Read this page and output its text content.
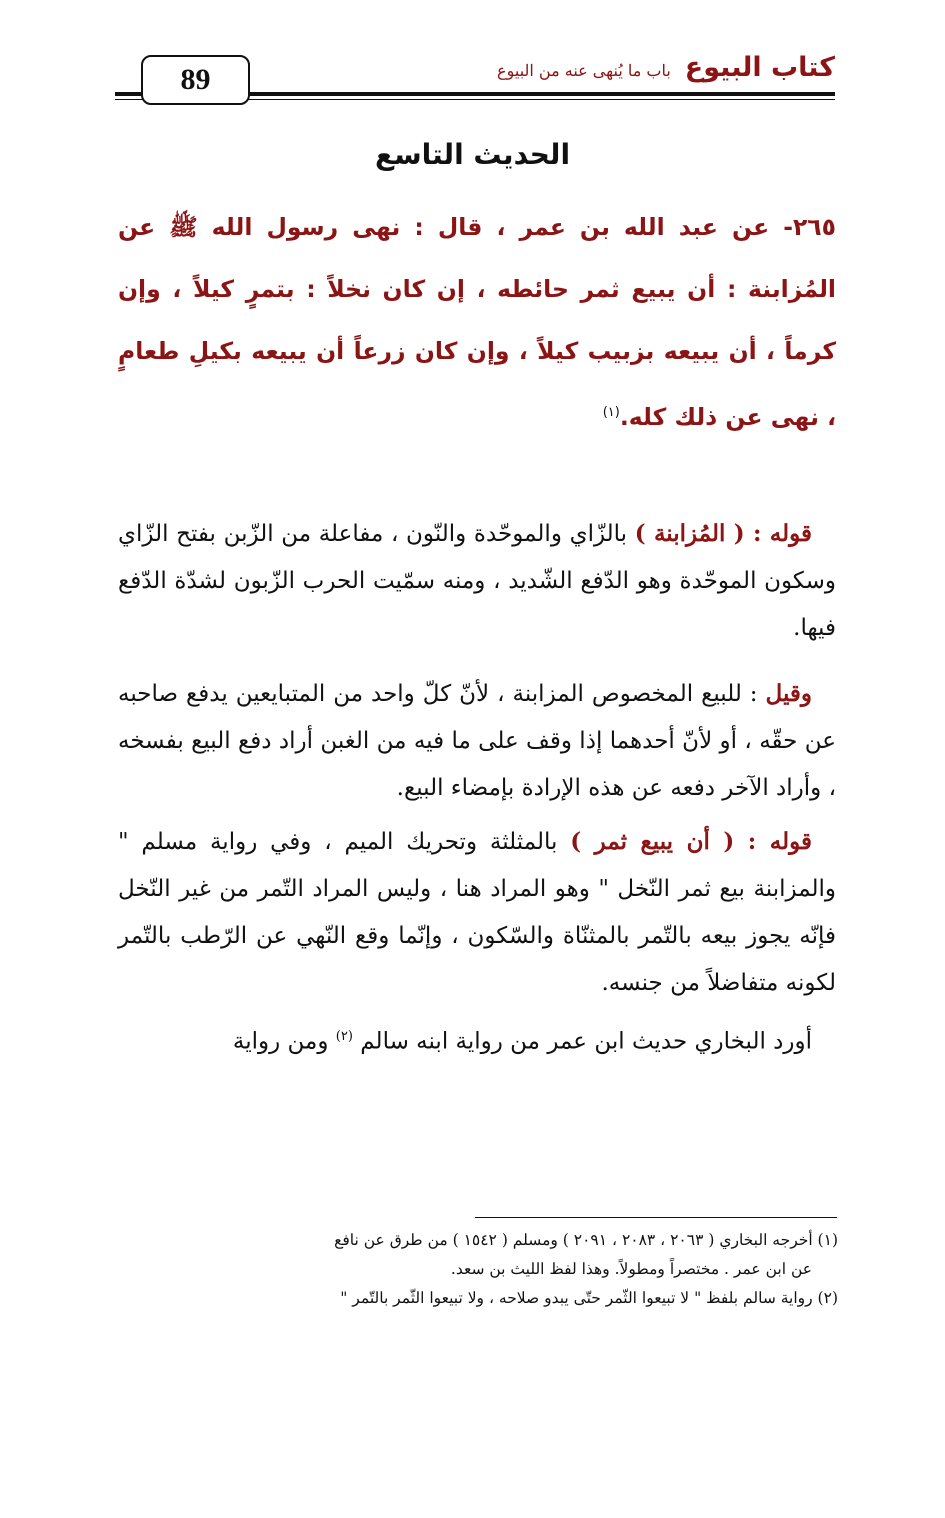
89	كتاب البيوع
باب ما يُنهى عنه من البيوع
الحديث التاسع

٢٦٥- عن عبد الله بن عمر ، قال : نهى رسول الله ﷺ عن المُزابنة : أن يبيع ثمر حائطه ، إن كان نخلاً : بتمرٍ كيلاً ، وإن كرماً ، أن يبيعه بزبيب كيلاً ، وإن كان زرعاً أن يبيعه بكيلِ طعامٍ ، نهى عن ذلك كله.$^{(١)}$

قوله : ( المُزابنة ) بالزّاي والموحّدة والنّون ، مفاعلة من الزّبن بفتح الزّاي وسكون الموحّدة وهو الدّفع الشّديد ، ومنه سمّيت الحرب الزّبون لشدّة الدّفع فيها.

وقيل : للبيع المخصوص المزابنة ، لأنّ كلّ واحد من المتبايعين يدفع صاحبه عن حقّه ، أو لأنّ أحدهما إذا وقف على ما فيه من الغبن أراد دفع البيع بفسخه ، وأراد الآخر دفعه عن هذه الإرادة بإمضاء البيع.

قوله : ( أن يبيع ثمر ) بالمثلثة وتحريك الميم ، وفي رواية مسلم " والمزابنة بيع ثمر النّخل " وهو المراد هنا ، وليس المراد التّمر من غير النّخل فإنّه يجوز بيعه بالتّمر بالمثنّاة والسّكون ، وإنّما وقع النّهي عن الرّطب بالتّمر لكونه متفاضلاً من جنسه.

أورد البخاري حديث ابن عمر من رواية ابنه سالم $^{(٢)}$ ومن رواية

(١) أخرجه البخاري ( ٢٠٦٣ ، ٢٠٨٣ ، ٢٠٩١ ) ومسلم ( ١٥٤٢ ) من طرق عن نافع

عن ابن عمر . مختصراً ومطولاً. وهذا لفظ الليث بن سعد.

(٢) رواية سالم بلفظ " لا تبيعوا الثّمر حتّى يبدو صلاحه ، ولا تبيعوا الثّمر بالتّمر "
